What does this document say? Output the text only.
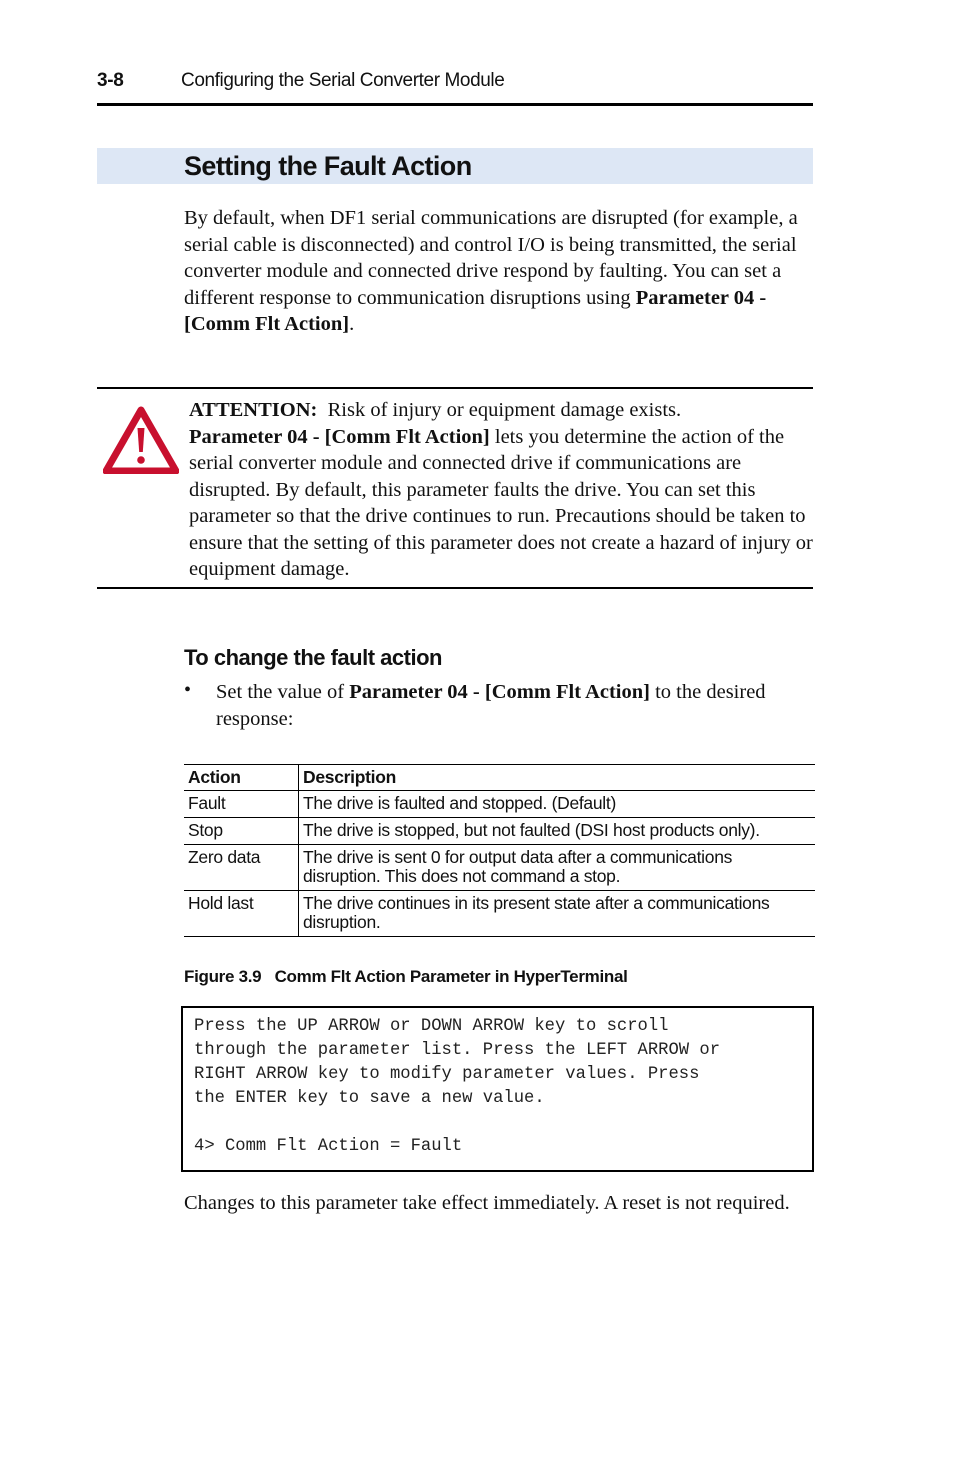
3-8	Configuring the Serial Converter Module
Setting the Fault Action
By default, when DF1 serial communications are disrupted (for example, a serial cable is disconnected) and control I/O is being transmitted, the serial converter module and connected drive respond by faulting. You can set a different response to communication disruptions using Parameter 04 - [Comm Flt Action].
ATTENTION: Risk of injury or equipment damage exists.
Parameter 04 - [Comm Flt Action] lets you determine the action of the serial converter module and connected drive if communications are disrupted. By default, this parameter faults the drive. You can set this parameter so that the drive continues to run. Precautions should be taken to ensure that the setting of this parameter does not create a hazard of injury or equipment damage.
To change the fault action
• Set the value of Parameter 04 - [Comm Flt Action] to the desired response:
Action	Description
Fault	The drive is faulted and stopped. (Default)
Stop	The drive is stopped, but not faulted (DSI host products only).
Zero data	The drive is sent 0 for output data after a communications disruption. This does not command a stop.
Hold last	The drive continues in its present state after a communications disruption.
Figure 3.9   Comm Flt Action Parameter in HyperTerminal
Press the UP ARROW or DOWN ARROW key to scroll
through the parameter list. Press the LEFT ARROW or
RIGHT ARROW key to modify parameter values. Press
the ENTER key to save a new value.
4> Comm Flt Action = Fault
Changes to this parameter take effect immediately. A reset is not required.
